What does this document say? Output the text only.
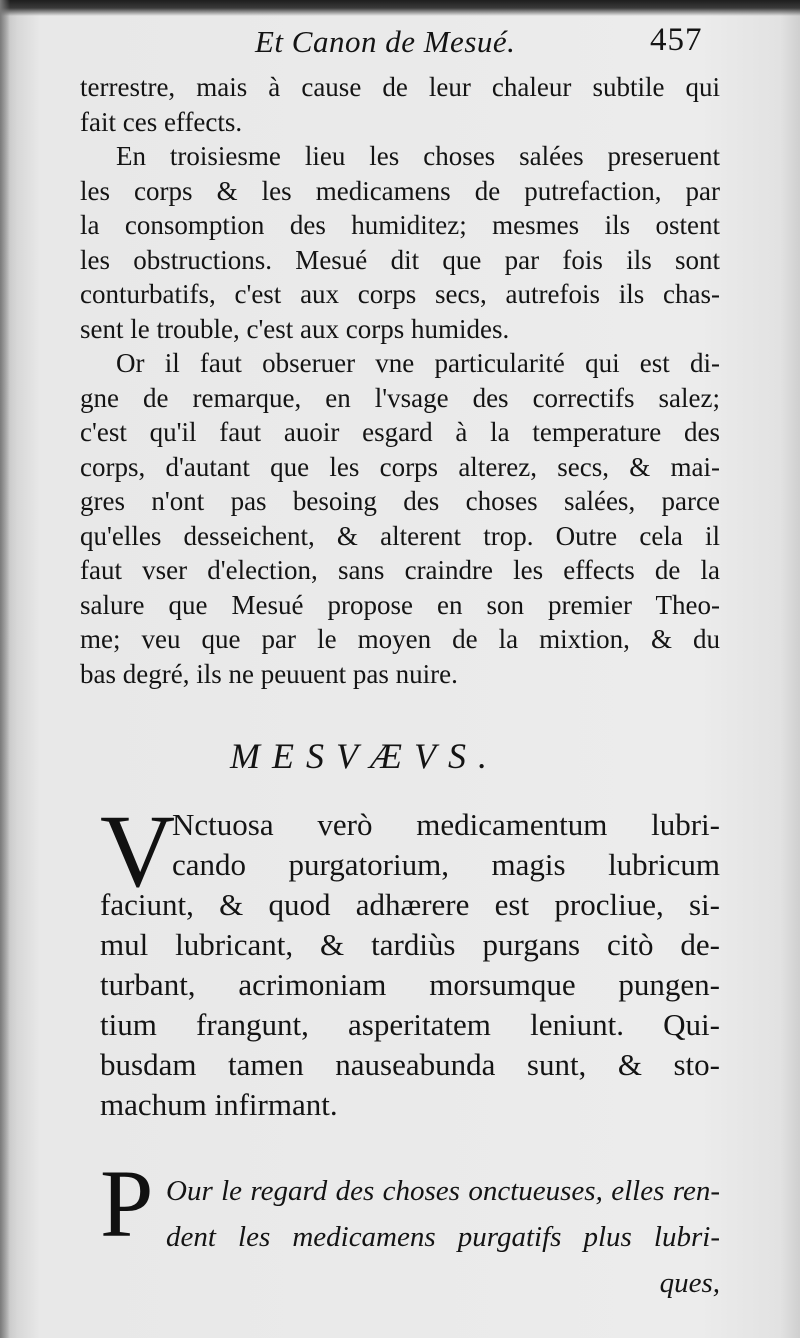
Et Canon de Mesué.	457
terrestre, mais à cause de leur chaleur subtile qui
fait ces effects.
En troisiesme lieu les choses salées preseruent
les corps & les medicamens de putrefaction, par
la consomption des humiditez; mesmes ils ostent
les obstructions. Mesué dit que par fois ils sont
conturbatifs, c'est aux corps secs, autrefois ils chas-
sent le trouble, c'est aux corps humides.
Or il faut obseruer vne particularité qui est di-
gne de remarque, en l'vsage des correctifs salez;
c'est qu'il faut auoir esgard à la temperature des
corps, d'autant que les corps alterez, secs, & mai-
gres n'ont pas besoing des choses salées, parce
qu'elles desseichent, & alterent trop. Outre cela il
faut vser d'election, sans craindre les effects de la
salure que Mesué propose en son premier Theo-
me; veu que par le moyen de la mixtion, & du
bas degré, ils ne peuuent pas nuire.
MESVÆVS.
V
Nctuosa verò medicamentum lubri-
cando purgatorium, magis lubricum
faciunt, & quod adhærere est procliue, si-
mul lubricant, & tardiùs purgans citò de-
turbant, acrimoniam morsumque pungen-
tium frangunt, asperitatem leniunt. Qui-
busdam tamen nauseabunda sunt, & sto-
machum infirmant.
P Our le regard des choses onctueuses, elles ren-
dent les medicamens purgatifs plus lubri-
ques,
